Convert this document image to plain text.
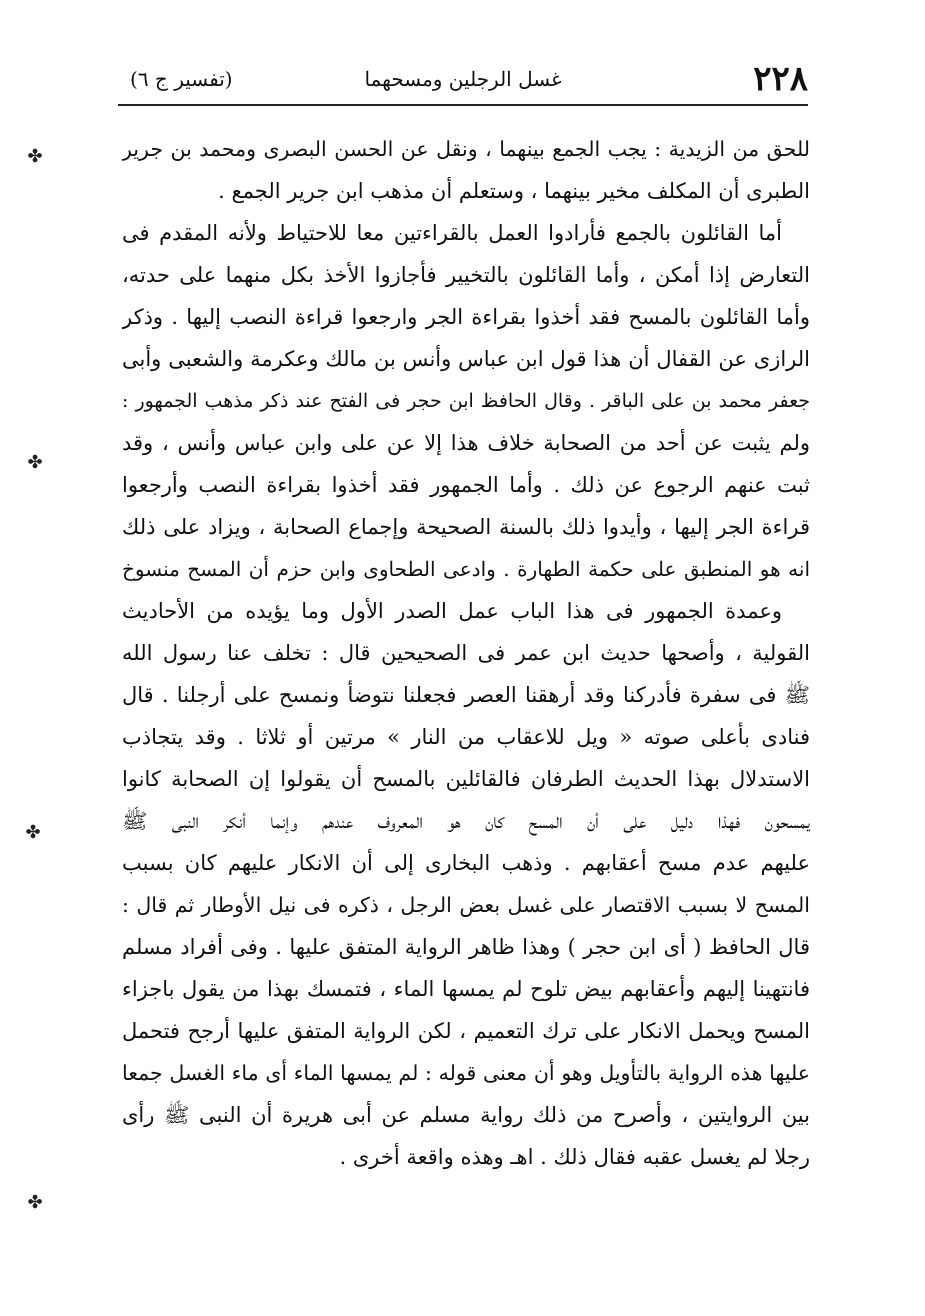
٢٢٨
غسل الرجلين ومسحهما
(تفسير ج ٦)
للحق من الزيدية : يجب الجمع بينهما ، ونقل عن الحسن البصرى ومحمد بن جرير
الطبرى أن المكلف مخير بينهما ، وستعلم أن مذهب ابن جرير الجمع .
أما القائلون بالجمع فأرادوا العمل بالقراءتين معا للاحتياط ولأنه المقدم فى
التعارض إذا أمكن ، وأما القائلون بالتخيير فأجازوا الأخذ بكل منهما على حدته،
وأما القائلون بالمسح فقد أخذوا بقراءة الجر وارجعوا قراءة النصب إليها . وذكر
الرازى عن القفال أن هذا قول ابن عباس وأنس بن مالك وعكرمة والشعبى وأبى
جعفر محمد بن على الباقر . وقال الحافظ ابن حجر فى الفتح عند ذكر مذهب الجمهور :
ولم يثبت عن أحد من الصحابة خلاف هذا إلا عن على وابن عباس وأنس ، وقد
ثبت عنهم الرجوع عن ذلك . وأما الجمهور فقد أخذوا بقراءة النصب وأرجعوا
قراءة الجر إليها ، وأيدوا ذلك بالسنة الصحيحة وإجماع الصحابة ، ويزاد على ذلك
انه هو المنطبق على حكمة الطهارة . وادعى الطحاوى وابن حزم أن المسح منسوخ
وعمدة الجمهور فى هذا الباب عمل الصدر الأول وما يؤيده من الأحاديث
القولية ، وأصحها حديث ابن عمر فى الصحيحين قال : تخلف عنا رسول الله
ﷺ فى سفرة فأدركنا وقد أرهقنا العصر فجعلنا نتوضأ ونمسح على أرجلنا . قال
فنادى بأعلى صوته « ويل للاعقاب من النار » مرتين أو ثلاثا . وقد يتجاذب
الاستدلال بهذا الحديث الطرفان فالقائلين بالمسح أن يقولوا إن الصحابة كانوا
يمسحون فهذا دليل على أن المسح كان هو المعروف عندهم وإنما أنكر النبى ﷺ
عليهم عدم مسح أعقابهم . وذهب البخارى إلى أن الانكار عليهم كان بسبب
المسح لا بسبب الاقتصار على غسل بعض الرجل ، ذكره فى نيل الأوطار ثم قال :
قال الحافظ ( أى ابن حجر ) وهذا ظاهر الرواية المتفق عليها . وفى أفراد مسلم
فانتهينا إليهم وأعقابهم بيض تلوح لم يمسها الماء ، فتمسك بهذا من يقول باجزاء
المسح ويحمل الانكار على ترك التعميم ، لكن الرواية المتفق عليها أرجح فتحمل
عليها هذه الرواية بالتأويل وهو أن معنى قوله : لم يمسها الماء أى ماء الغسل جمعا
بين الروايتين ، وأصرح من ذلك رواية مسلم عن أبى هريرة أن النبى ﷺ رأى
رجلا لم يغسل عقبه فقال ذلك . اهـ وهذه واقعة أخرى .
✤
✤
✤
✤
